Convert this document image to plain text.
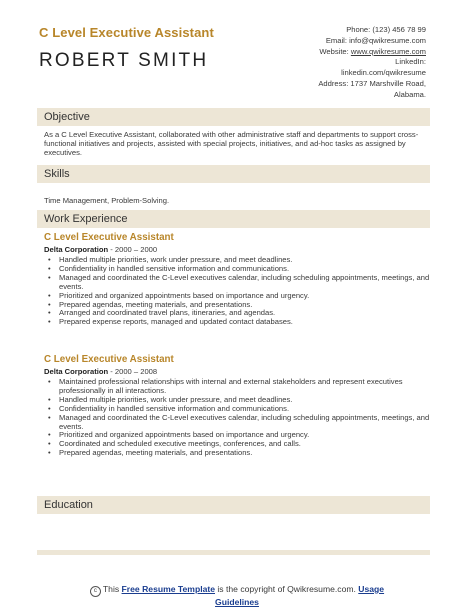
C Level Executive Assistant
ROBERT SMITH
Phone: (123) 456 78 99
Email: info@qwikresume.com
Website: www.qwikresume.com
LinkedIn:
linkedin.com/qwikresume
Address: 1737 Marshville Road,
Alabama.
Objective
As a C Level Executive Assistant, collaborated with other administrative staff and departments to support cross-functional initiatives and projects, assisted with special projects, initiatives, and ad-hoc tasks as assigned by executives.
Skills
Time Management, Problem-Solving.
Work Experience
C Level Executive Assistant
Delta Corporation - 2000 – 2000
• Handled multiple priorities, work under pressure, and meet deadlines.
• Confidentiality in handled sensitive information and communications.
• Managed and coordinated the C-Level executives calendar, including scheduling appointments, meetings, and events.
• Prioritized and organized appointments based on importance and urgency.
• Prepared agendas, meeting materials, and presentations.
• Arranged and coordinated travel plans, itineraries, and agendas.
• Prepared expense reports, managed and updated contact databases.
C Level Executive Assistant
Delta Corporation - 2000 – 2008
• Maintained professional relationships with internal and external stakeholders and represent executives professionally in all interactions.
• Handled multiple priorities, work under pressure, and meet deadlines.
• Confidentiality in handled sensitive information and communications.
• Managed and coordinated the C-Level executives calendar, including scheduling appointments, meetings, and events.
• Prioritized and organized appointments based on importance and urgency.
• Coordinated and scheduled executive meetings, conferences, and calls.
• Prepared agendas, meeting materials, and presentations.
Education
c This Free Resume Template is the copyright of Qwikresume.com. Usage
Guidelines
